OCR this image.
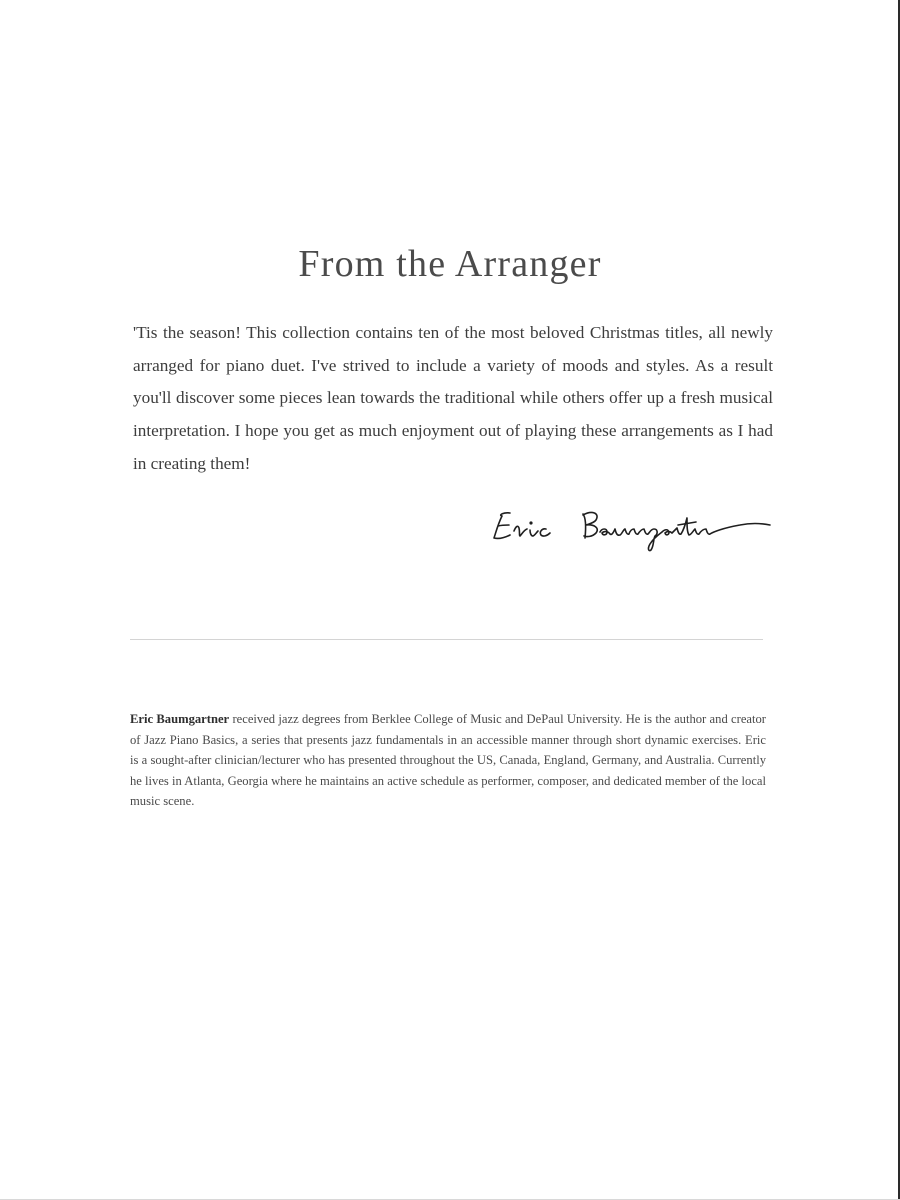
From the Arranger

'Tis the season! This collection contains ten of the most beloved Christmas titles, all newly arranged for piano duet. I've strived to include a variety of moods and styles. As a result you'll discover some pieces lean towards the traditional while others offer up a fresh musical interpretation. I hope you get as much enjoyment out of playing these arrangements as I had in creating them!

Eric Baumgartner received jazz degrees from Berklee College of Music and DePaul University. He is the author and creator of Jazz Piano Basics, a series that presents jazz fundamentals in an accessible manner through short dynamic exercises. Eric is a sought-after clinician/lecturer who has presented throughout the US, Canada, England, Germany, and Australia. Currently he lives in Atlanta, Georgia where he maintains an active schedule as performer, composer, and dedicated member of the local music scene.
